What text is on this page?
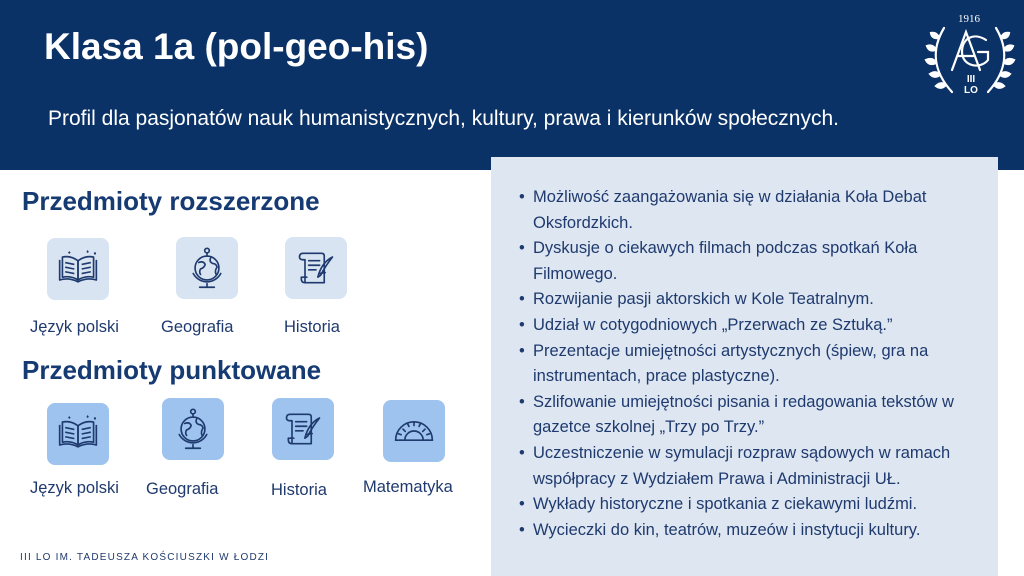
Klasa 1a (pol-geo-his)

Profil dla pasjonatów nauk humanistycznych, kultury, prawa i kierunków społecznych.

1916
III LO
Przedmioty rozszerzone
Język polski	Geografia	Historia
Przedmioty punktowane
Język polski Geografia	Historia Matematyka
• Możliwość zaangażowania się w działania Koła Debat Oksfordzkich.
• Dyskusje o ciekawych filmach podczas spotkań Koła Filmowego.
• Rozwijanie pasji aktorskich w Kole Teatralnym.
• Udział w cotygodniowych „Przerwach ze Sztuką.”
• Prezentacje umiejętności artystycznych (śpiew, gra na instrumentach, prace plastyczne).
• Szlifowanie umiejętności pisania i redagowania tekstów w gazetce szkolnej „Trzy po Trzy.”
• Uczestniczenie w symulacji rozpraw sądowych w ramach współpracy z Wydziałem Prawa i Administracji UŁ.
• Wykłady historyczne i spotkania z ciekawymi ludźmi.
• Wycieczki do kin, teatrów, muzeów i instytucji kultury.
III LO IM. TADEUSZA KOŚCIUSZKI W ŁODZI
